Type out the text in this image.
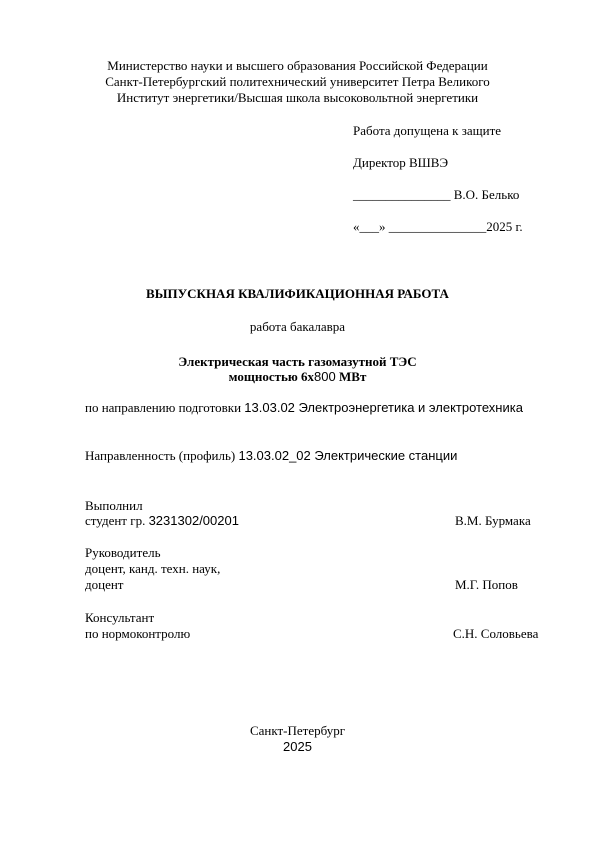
Министерство науки и высшего образования Российской Федерации
Санкт-Петербургский политехнический университет Петра Великого
Институт энергетики/Высшая школа высоковольтной энергетики
Работа допущена к защите
Директор ВШВЭ
_______________ В.О. Белько
«___» _______________2025 г.
ВЫПУСКНАЯ КВАЛИФИКАЦИОННАЯ РАБОТА
работа бакалавра
Электрическая часть газомазутной ТЭС
мощностью 6х800 МВт
по направлению подготовки 13.03.02 Электроэнергетика и электротехника
Направленность (профиль) 13.03.02_02 Электрические станции
Выполнил
студент гр. 3231302/00201	В.М. Бурмака
Руководитель
доцент, канд. техн. наук,
доцент	М.Г. Попов
Консультант
по нормоконтролю	С.Н. Соловьева
Санкт-Петербург
2025
